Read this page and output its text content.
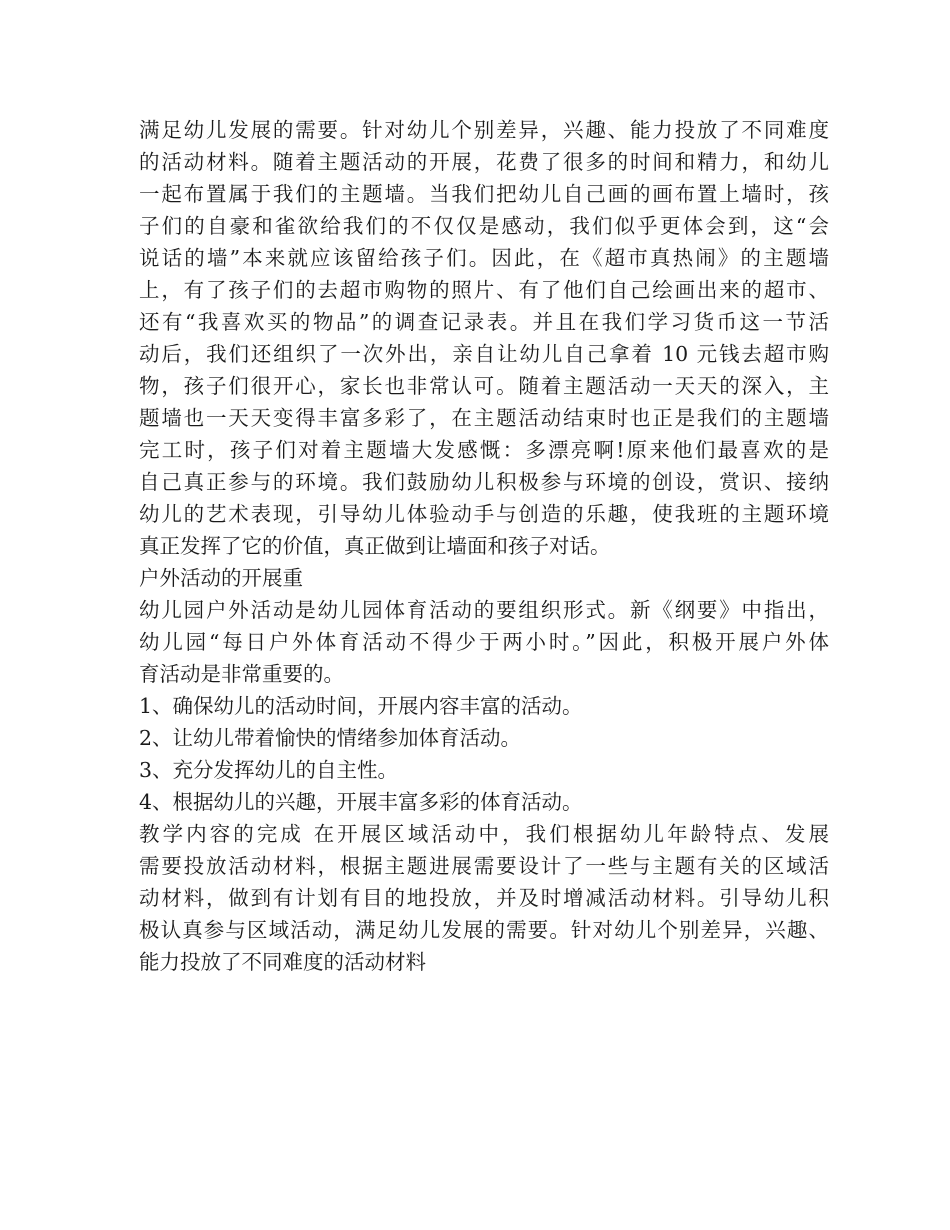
满足幼儿发展的需要。针对幼儿个别差异，兴趣、能力投放了不同难度
的活动材料。随着主题活动的开展，花费了很多的时间和精力，和幼儿
一起布置属于我们的主题墙。当我们把幼儿自己画的画布置上墙时，孩
子们的自豪和雀欲给我们的不仅仅是感动，我们似乎更体会到，这“会
说话的墙”本来就应该留给孩子们。因此，在《超市真热闹》的主题墙
上，有了孩子们的去超市购物的照片、有了他们自己绘画出来的超市、
还有“我喜欢买的物品”的调查记录表。并且在我们学习货币这一节活
动后，我们还组织了一次外出，亲自让幼儿自己拿着 10 元钱去超市购
物，孩子们很开心，家长也非常认可。随着主题活动一天天的深入，主
题墙也一天天变得丰富多彩了，在主题活动结束时也正是我们的主题墙
完工时，孩子们对着主题墙大发感慨：多漂亮啊!原来他们最喜欢的是
自己真正参与的环境。我们鼓励幼儿积极参与环境的创设，赏识、接纳
幼儿的艺术表现，引导幼儿体验动手与创造的乐趣，使我班的主题环境
真正发挥了它的价值，真正做到让墙面和孩子对话。
户外活动的开展重
幼儿园户外活动是幼儿园体育活动的要组织形式。新《纲要》中指出，
幼儿园“每日户外体育活动不得少于两小时。”因此，积极开展户外体
育活动是非常重要的。
1、确保幼儿的活动时间，开展内容丰富的活动。
2、让幼儿带着愉快的情绪参加体育活动。
3、充分发挥幼儿的自主性。
4、根据幼儿的兴趣，开展丰富多彩的体育活动。
教学内容的完成 在开展区域活动中，我们根据幼儿年龄特点、发展
需要投放活动材料，根据主题进展需要设计了一些与主题有关的区域活
动材料，做到有计划有目的地投放，并及时增减活动材料。引导幼儿积
极认真参与区域活动，满足幼儿发展的需要。针对幼儿个别差异，兴趣、
能力投放了不同难度的活动材料
